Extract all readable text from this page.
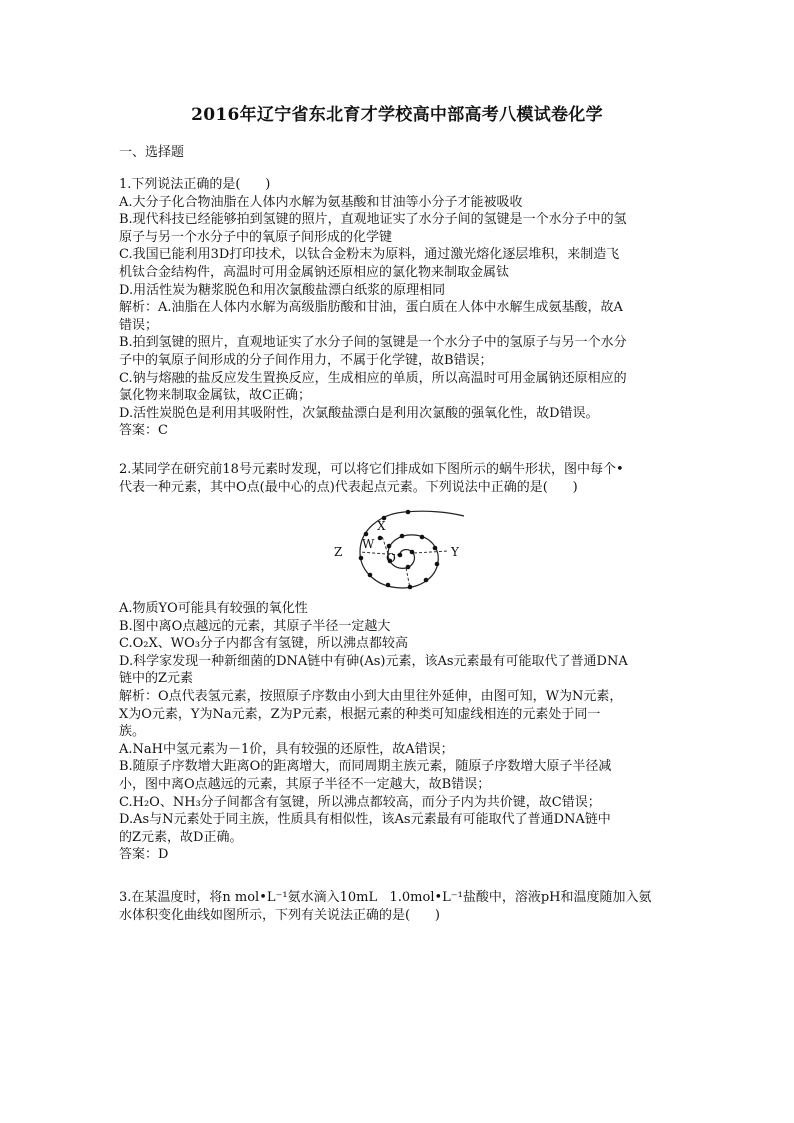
2016年辽宁省东北育才学校高中部高考八模试卷化学
一、选择题

1.下列说法正确的是(      )

A.大分子化合物油脂在人体内水解为氨基酸和甘油等小分子才能被吸收

B.现代科技已经能够拍到氢键的照片，直观地证实了水分子间的氢键是一个水分子中的氢

原子与另一个水分子中的氧原子间形成的化学键

C.我国已能利用3D打印技术，以钛合金粉末为原料，通过激光熔化逐层堆积，来制造飞

机钛合金结构件，高温时可用金属钠还原相应的氯化物来制取金属钛

D.用活性炭为糖浆脱色和用次氯酸盐漂白纸浆的原理相同

解析：A.油脂在人体内水解为高级脂肪酸和甘油，蛋白质在人体中水解生成氨基酸，故A

错误；

B.拍到氢键的照片，直观地证实了水分子间的氢键是一个水分子中的氢原子与另一个水分

子中的氧原子间形成的分子间作用力，不属于化学键，故B错误；

C.钠与熔融的盐反应发生置换反应，生成相应的单质，所以高温时可用金属钠还原相应的

氯化物来制取金属钛，故C正确；

D.活性炭脱色是利用其吸附性，次氯酸盐漂白是利用次氯酸的强氧化性，故D错误。

答案：C

2.某同学在研究前18号元素时发现，可以将它们排成如下图所示的蜗牛形状，图中每个•

代表一种元素，其中O点(最中心的点)代表起点元素。下列说法中正确的是(      )

X
W
Z	O	Y

A.物质YO可能具有较强的氧化性

B.图中离O点越远的元素，其原子半径一定越大

C.O₂X、WO₃分子内都含有氢键，所以沸点都较高

D.科学家发现一种新细菌的DNA链中有砷(As)元素，该As元素最有可能取代了普通DNA

链中的Z元素

解析：O点代表氢元素，按照原子序数由小到大由里往外延伸，由图可知，W为N元素，

X为O元素，Y为Na元素，Z为P元素，根据元素的种类可知虚线相连的元素处于同一

族。

A.NaH中氢元素为－1价，具有较强的还原性，故A错误；

B.随原子序数增大距离O的距离增大，而同周期主族元素，随原子序数增大原子半径减

小，图中离O点越远的元素，其原子半径不一定越大，故B错误；

C.H₂O、NH₃分子间都含有氢键，所以沸点都较高，而分子内为共价键，故C错误；

D.As与N元素处于同主族，性质具有相似性，该As元素最有可能取代了普通DNA链中

的Z元素，故D正确。

答案：D

3.在某温度时，将n mol•L⁻¹氨水滴入10mL   1.0mol•L⁻¹盐酸中，溶液pH和温度随加入氨

水体积变化曲线如图所示，下列有关说法正确的是(      )
